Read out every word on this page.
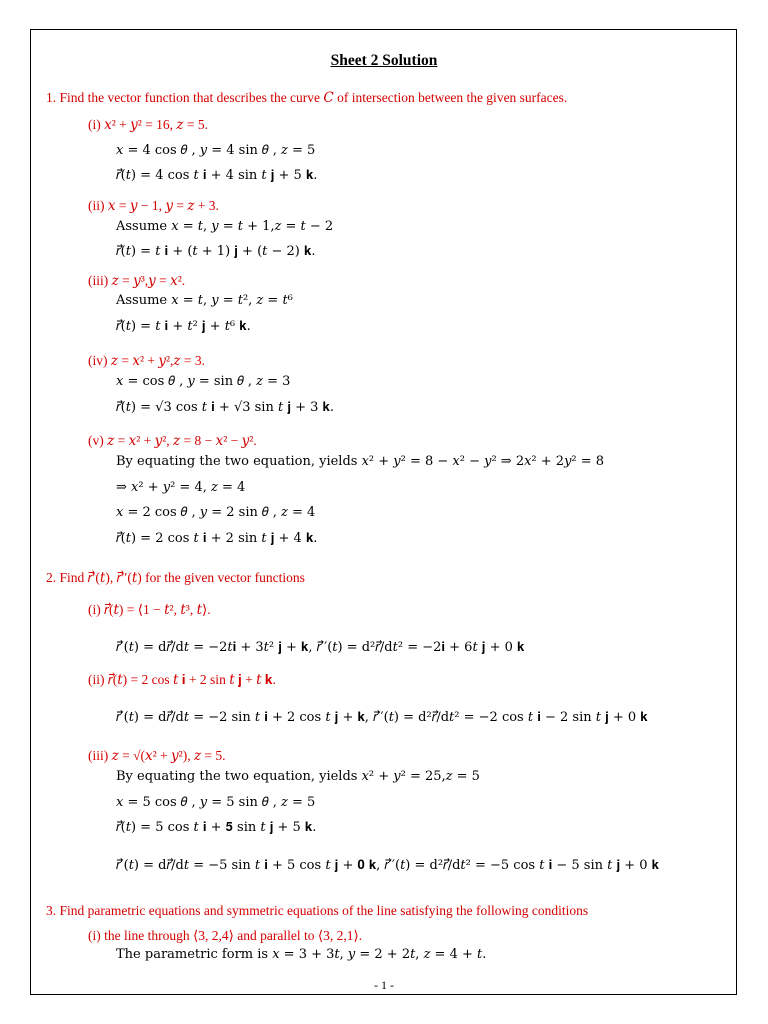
Sheet 2 Solution
1. Find the vector function that describes the curve 𝐶 of intersection between the given surfaces.
(i) 𝑥² + 𝑦² = 16, 𝑧 = 5.
𝑥 = 4 cos 𝜃 , 𝑦 = 4 sin 𝜃 , 𝑧 = 5
𝑟⃗(𝑡) = 4 cos 𝑡 𝐢 + 4 sin 𝑡 𝐣 + 5 𝐤.
(ii) 𝑥 = 𝑦 − 1, 𝑦 = 𝑧 + 3.
Assume 𝑥 = 𝑡, 𝑦 = 𝑡 + 1,𝑧 = 𝑡 − 2
𝑟⃗(𝑡) = 𝑡 𝐢 + (𝑡 + 1) 𝐣 + (𝑡 − 2) 𝐤.
(iii) 𝑧 = 𝑦³,𝑦 = 𝑥².
Assume 𝑥 = 𝑡, 𝑦 = 𝑡², 𝑧 = 𝑡⁶
𝑟⃗(𝑡) = 𝑡 𝐢 + 𝑡² 𝐣 + 𝑡⁶ 𝐤.
(iv) 𝑧 = 𝑥² + 𝑦²,𝑧 = 3.
𝑥 = cos 𝜃 , 𝑦 = sin 𝜃 , 𝑧 = 3
𝑟⃗(𝑡) = √3 cos 𝑡 𝐢 + √3 sin 𝑡 𝐣 + 3 𝐤.
(v) 𝑧 = 𝑥² + 𝑦², 𝑧 = 8 − 𝑥² − 𝑦².
By equating the two equation, yields 𝑥² + 𝑦² = 8 − 𝑥² − 𝑦² ⇒ 2𝑥² + 2𝑦² = 8
⇒ 𝑥² + 𝑦² = 4, 𝑧 = 4
𝑥 = 2 cos 𝜃 , 𝑦 = 2 sin 𝜃 , 𝑧 = 4
𝑟⃗(𝑡) = 2 cos 𝑡 𝐢 + 2 sin 𝑡 𝐣 + 4 𝐤.
2. Find 𝑟⃗′(𝑡), 𝑟⃗′′(𝑡) for the given vector functions
(i) 𝑟⃗(𝑡) = ⟨1 − 𝑡², 𝑡³, 𝑡⟩.
𝑟⃗′(𝑡) = d𝑟⃗/d𝑡 = −2𝑡𝐢 + 3𝑡² 𝐣 + 𝐤, 𝑟⃗′′(𝑡) = d²𝑟⃗/d𝑡² = −2𝐢 + 6𝑡 𝐣 + 0 𝐤
(ii) 𝑟⃗(𝑡) = 2 cos 𝑡 𝐢 + 2 sin 𝑡 𝐣 + 𝑡 𝐤.
𝑟⃗′(𝑡) = d𝑟⃗/d𝑡 = −2 sin 𝑡 𝐢 + 2 cos 𝑡 𝐣 + 𝐤, 𝑟⃗′′(𝑡) = d²𝑟⃗/d𝑡² = −2 cos 𝑡 𝐢 − 2 sin 𝑡 𝐣 + 0 𝐤
(iii) 𝑧 = √(𝑥² + 𝑦²), 𝑧 = 5.
By equating the two equation, yields 𝑥² + 𝑦² = 25,𝑧 = 5
𝑥 = 5 cos 𝜃 , 𝑦 = 5 sin 𝜃 , 𝑧 = 5
𝑟⃗(𝑡) = 5 cos 𝑡 𝐢 + 𝟓 sin 𝑡 𝐣 + 5 𝐤.
𝑟⃗′(𝑡) = d𝑟⃗/d𝑡 = −5 sin 𝑡 𝐢 + 5 cos 𝑡 𝐣 + 𝟎 𝐤, 𝑟⃗′′(𝑡) = d²𝑟⃗/d𝑡² = −5 cos 𝑡 𝐢 − 5 sin 𝑡 𝐣 + 0 𝐤
3. Find parametric equations and symmetric equations of the line satisfying the following conditions
(i) the line through ⟨3, 2,4⟩ and parallel to ⟨3, 2,1⟩.
The parametric form is 𝑥 = 3 + 3𝑡, 𝑦 = 2 + 2𝑡, 𝑧 = 4 + 𝑡.
- 1 -
